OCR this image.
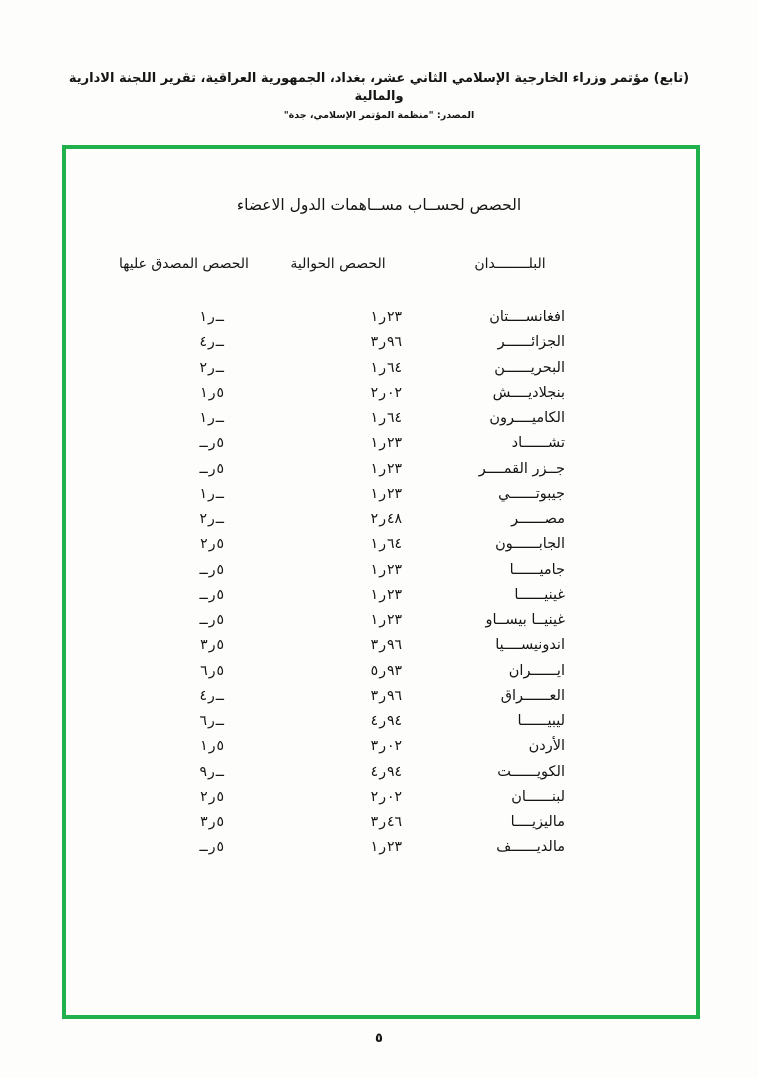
(تابع) مؤتمر وزراء الخارجية الإسلامي الثاني عشر، بغداد، الجمهورية العراقية، تقرير اللجنة الادارية والمالية
المصدر: "منظمة المؤتمر الإسلامي، جدة"
الحصص لحســاب مســاهمات الدول الاعضاء
الحصص المصدق عليها	الحصص الحوالية	البلــــــــدان
افغانســــتان
١ ر ٢٣
١ ر ــ
الجزائــــــر
٣ ر ٩٦
٤ ر ــ
البحريــــــن
١ ر ٦٤
٢ ر ــ
بنجلاديــــش
٢ ر ٠٢
١ ر ٥
الكاميــــرون
١ ر ٦٤
١ ر ــ
تشــــــاد
١ ر ٢٣
ــ ر ٥
جــزر القمــــر
١ ر ٢٣
ــ ر ٥
جيبوتــــــي
١ ر ٢٣
١ ر ــ
مصــــــر
٢ ر ٤٨
٢ ر ــ
الجابــــــون
١ ر ٦٤
٢ ر ٥
جاميــــــا
١ ر ٢٣
ــ ر ٥
غينيــــــا
١ ر ٢٣
ــ ر ٥
غينيــا بيســاو
١ ر ٢٣
ــ ر ٥
اندونيســــيا
٣ ر ٩٦
٣ ر ٥
ايــــــران
٥ ر ٩٣
٦ ر ٥
العــــــراق
٣ ر ٩٦
٤ ر ــ
ليبيــــــا
٤ ر ٩٤
٦ ر ــ
الأردن
٣ ر ٠٢
١ ر ٥
الكويــــــت
٤ ر ٩٤
٩ ر ــ
لبنــــــان
٢ ر ٠٢
٢ ر ٥
ماليزيــــا
٣ ر ٤٦
٣ ر ٥
مالديــــــف
١ ر ٢٣
ــ ر ٥
٥
